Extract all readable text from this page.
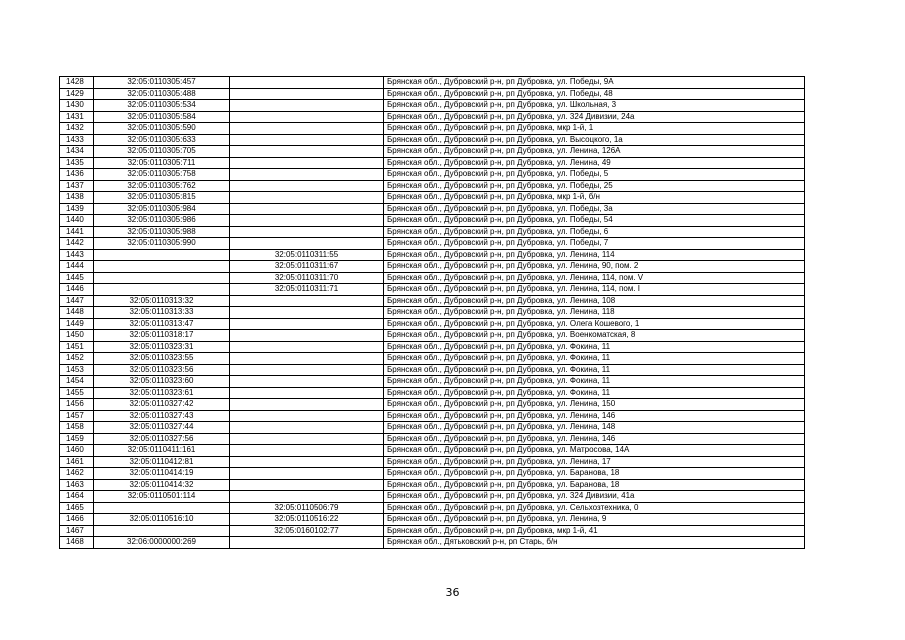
1428	32:05:0110305:457		Брянская обл., Дубровский р-н, рп Дубровка, ул. Победы, 9А
1429	32:05:0110305:488		Брянская обл., Дубровский р-н, рп Дубровка, ул. Победы, 48
1430	32:05:0110305:534		Брянская обл., Дубровский р-н, рп Дубровка, ул. Школьная, 3
1431	32:05:0110305:584		Брянская обл., Дубровский р-н, рп Дубровка, ул. 324 Дивизии, 24а
1432	32:05:0110305:590		Брянская обл., Дубровский р-н, рп Дубровка, мкр 1-й, 1
1433	32:05:0110305:633		Брянская обл., Дубровский р-н, рп Дубровка, ул. Высоцкого, 1а
1434	32:05:0110305:705		Брянская обл., Дубровский р-н, рп Дубровка, ул. Ленина, 126А
1435	32:05:0110305:711		Брянская обл., Дубровский р-н, рп Дубровка, ул. Ленина, 49
1436	32:05:0110305:758		Брянская обл., Дубровский р-н, рп Дубровка, ул. Победы, 5
1437	32:05:0110305:762		Брянская обл., Дубровский р-н, рп Дубровка, ул. Победы, 25
1438	32:05:0110305:815		Брянская обл., Дубровский р-н, рп Дубровка, мкр 1-й, б/н
1439	32:05:0110305:984		Брянская обл., Дубровский р-н, рп Дубровка, ул. Победы, 3а
1440	32:05:0110305:986		Брянская обл., Дубровский р-н, рп Дубровка, ул. Победы, 54
1441	32:05:0110305:988		Брянская обл., Дубровский р-н, рп Дубровка, ул. Победы, 6
1442	32:05:0110305:990		Брянская обл., Дубровский р-н, рп Дубровка, ул. Победы, 7
1443		32:05:0110311:55	Брянская обл., Дубровский р-н, рп Дубровка, ул. Ленина, 114
1444		32:05:0110311:67	Брянская обл., Дубровский р-н, рп Дубровка, ул. Ленина, 90, пом. 2
1445		32:05:0110311:70	Брянская обл., Дубровский р-н, рп Дубровка, ул. Ленина, 114, пом. V
1446		32:05:0110311:71	Брянская обл., Дубровский р-н, рп Дубровка, ул. Ленина, 114, пом. I
1447	32:05:0110313:32		Брянская обл., Дубровский р-н, рп Дубровка, ул. Ленина, 108
1448	32:05:0110313:33		Брянская обл., Дубровский р-н, рп Дубровка, ул. Ленина, 118
1449	32:05:0110313:47		Брянская обл., Дубровский р-н, рп Дубровка, ул. Олега Кошевого, 1
1450	32:05:0110318:17		Брянская обл., Дубровский р-н, рп Дубровка, ул. Военкоматская, 8
1451	32:05:0110323:31		Брянская обл., Дубровский р-н, рп Дубровка, ул. Фокина, 11
1452	32:05:0110323:55		Брянская обл., Дубровский р-н, рп Дубровка, ул. Фокина, 11
1453	32:05:0110323:56		Брянская обл., Дубровский р-н, рп Дубровка, ул. Фокина, 11
1454	32:05:0110323:60		Брянская обл., Дубровский р-н, рп Дубровка, ул. Фокина, 11
1455	32:05:0110323:61		Брянская обл., Дубровский р-н, рп Дубровка, ул. Фокина, 11
1456	32:05:0110327:42		Брянская обл., Дубровский р-н, рп Дубровка, ул. Ленина, 150
1457	32:05:0110327:43		Брянская обл., Дубровский р-н, рп Дубровка, ул. Ленина, 146
1458	32:05:0110327:44		Брянская обл., Дубровский р-н, рп Дубровка, ул. Ленина, 148
1459	32:05:0110327:56		Брянская обл., Дубровский р-н, рп Дубровка, ул. Ленина, 146
1460	32:05:0110411:161		Брянская обл., Дубровский р-н, рп Дубровка, ул. Матросова, 14А
1461	32:05:0110412:81		Брянская обл., Дубровский р-н, рп Дубровка, ул. Ленина, 17
1462	32:05:0110414:19		Брянская обл., Дубровский р-н, рп Дубровка, ул. Баранова, 18
1463	32:05:0110414:32		Брянская обл., Дубровский р-н, рп Дубровка, ул. Баранова, 18
1464	32:05:0110501:114		Брянская обл., Дубровский р-н, рп Дубровка, ул. 324 Дивизии, 41а
1465		32:05:0110506:79	Брянская обл., Дубровский р-н, рп Дубровка, ул. Сельхозтехника, 0
1466	32:05:0110516:10	32:05:0110516:22	Брянская обл., Дубровский р-н, рп Дубровка, ул. Ленина, 9
1467		32:05:0160102:77	Брянская обл., Дубровский р-н, рп Дубровка, мкр 1-й, 41
1468	32:06:0000000:269		Брянская обл., Дятьковский р-н, рп Старь, б/н
36
